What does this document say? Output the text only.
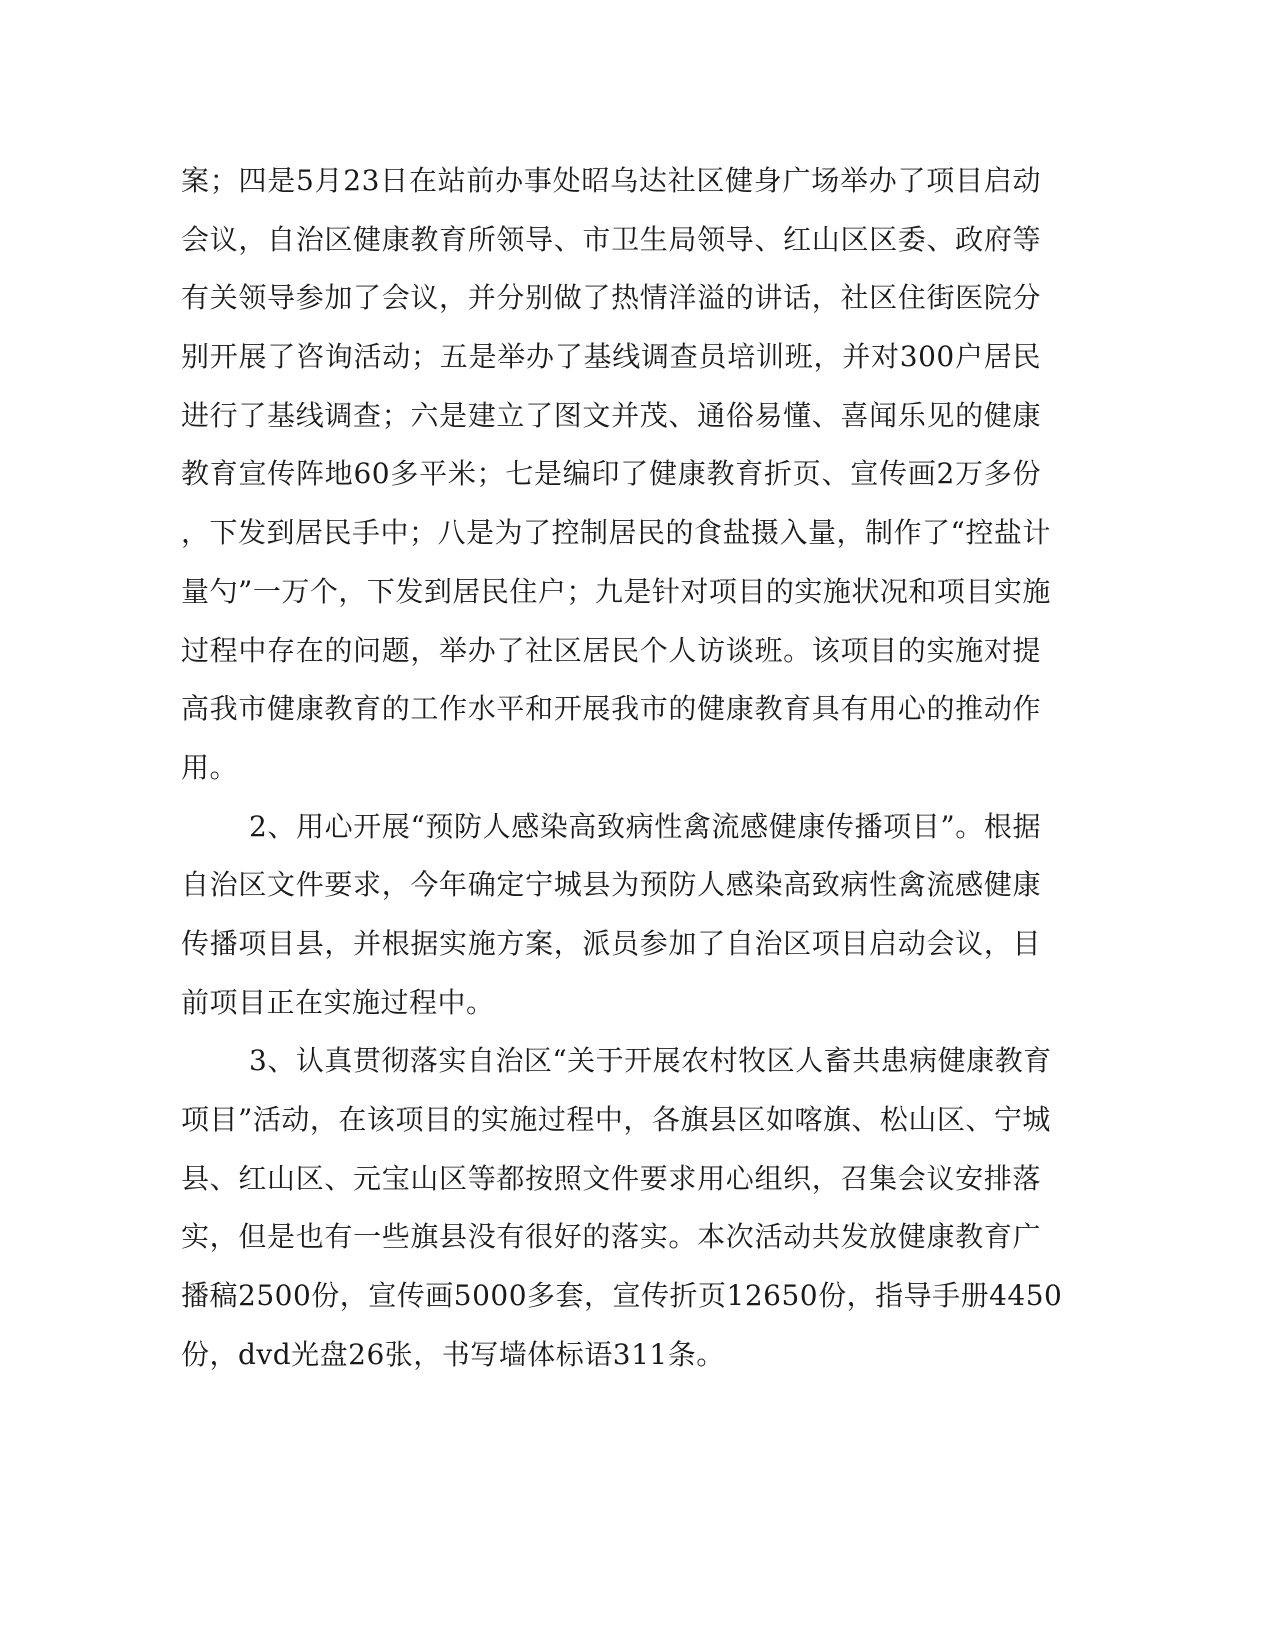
案；四是5月23日在站前办事处昭乌达社区健身广场举办了项目启动
会议，自治区健康教育所领导、市卫生局领导、红山区区委、政府等
有关领导参加了会议，并分别做了热情洋溢的讲话，社区住街医院分
别开展了咨询活动；五是举办了基线调查员培训班，并对300户居民
进行了基线调查；六是建立了图文并茂、通俗易懂、喜闻乐见的健康
教育宣传阵地60多平米；七是编印了健康教育折页、宣传画2万多份
，下发到居民手中；八是为了控制居民的食盐摄入量，制作了“控盐计
量勺”一万个，下发到居民住户；九是针对项目的实施状况和项目实施
过程中存在的问题，举办了社区居民个人访谈班。该项目的实施对提
高我市健康教育的工作水平和开展我市的健康教育具有用心的推动作
用。
2、用心开展“预防人感染高致病性禽流感健康传播项目”。根据
自治区文件要求，今年确定宁城县为预防人感染高致病性禽流感健康
传播项目县，并根据实施方案，派员参加了自治区项目启动会议，目
前项目正在实施过程中。
3、认真贯彻落实自治区“关于开展农村牧区人畜共患病健康教育
项目”活动，在该项目的实施过程中，各旗县区如喀旗、松山区、宁城
县、红山区、元宝山区等都按照文件要求用心组织，召集会议安排落
实，但是也有一些旗县没有很好的落实。本次活动共发放健康教育广
播稿2500份，宣传画5000多套，宣传折页12650份，指导手册4450
份，dvd光盘26张，书写墙体标语311条。
